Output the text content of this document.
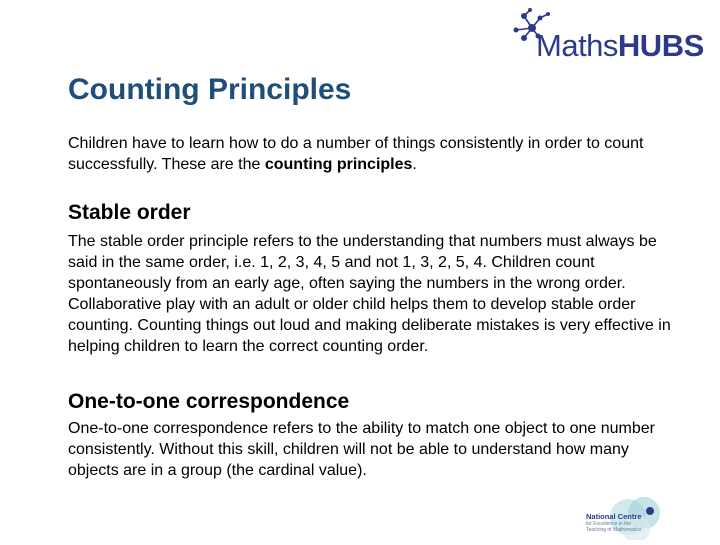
MathsHUBS
Counting Principles

Children have to learn how to do a number of things consistently in order to count successfully. These are the counting principles.

Stable order

The stable order principle refers to the understanding that numbers must always be said in the same order, i.e. 1, 2, 3, 4, 5 and not 1, 3, 2, 5, 4. Children count spontaneously from an early age, often saying the numbers in the wrong order. Collaborative play with an adult or older child helps them to develop stable order counting. Counting things out loud and making deliberate mistakes is very effective in helping children to learn the correct counting order.

One-to-one correspondence

One-to-one correspondence refers to the ability to match one object to one number consistently. Without this skill, children will not be able to understand how many objects are in a group (the cardinal value).

National Centre
for Excellence in the
Teaching of Mathematics
